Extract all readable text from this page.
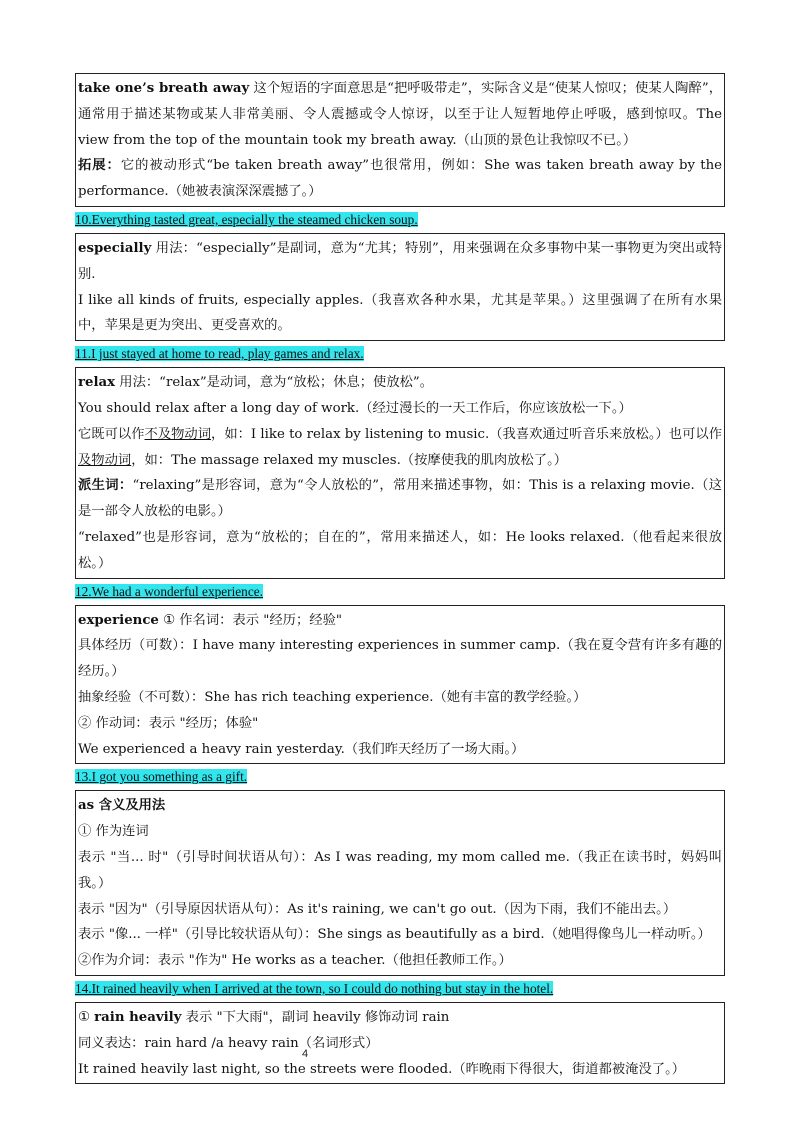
take one’s breath away 这个短语的字面意思是“把呼吸带走”，实际含义是“使某人惊叹；使某人陶醉”，通常用于描述某物或某人非常美丽、令人震撼或令人惊讶，以至于让人短暂地停止呼吸，感到惊叹。The view from the top of the mountain took my breath away.（山顶的景色让我惊叹不已。）

拓展：它的被动形式“be taken breath away”也很常用，例如：She was taken breath away by the performance.（她被表演深深震撼了。）

10.Everything tasted great, especially the steamed chicken soup.

especially 用法：“especially”是副词，意为“尤其；特别”，用来强调在众多事物中某一事物更为突出或特别.

I like all kinds of fruits, especially apples.（我喜欢各种水果，尤其是苹果。）这里强调了在所有水果中，苹果是更为突出、更受喜欢的。

11.I just stayed at home to read, play games and relax.

relax 用法：“relax”是动词，意为“放松；休息；使放松”。

You should relax after a long day of work.（经过漫长的一天工作后，你应该放松一下。）

它既可以作不及物动词，如：I like to relax by listening to music.（我喜欢通过听音乐来放松。）也可以作及物动词，如：The massage relaxed my muscles.（按摩使我的肌肉放松了。）

派生词：“relaxing”是形容词，意为“令人放松的”，常用来描述事物，如：This is a relaxing movie.（这是一部令人放松的电影。）

“relaxed”也是形容词，意为“放松的；自在的”，常用来描述人，如：He looks relaxed.（他看起来很放松。）

12.We had a wonderful experience.

experience ① 作名词：表示 "经历；经验"

具体经历（可数）：I have many interesting experiences in summer camp.（我在夏令营有许多有趣的经历。）

抽象经验（不可数）：She has rich teaching experience.（她有丰富的教学经验。）

② 作动词：表示 "经历；体验"

We experienced a heavy rain yesterday.（我们昨天经历了一场大雨。）

13.I got you something as a gift.

as 含义及用法

① 作为连词

表示 "当... 时"（引导时间状语从句）：As I was reading, my mom called me.（我正在读书时，妈妈叫我。）

表示 "因为"（引导原因状语从句）：As it's raining, we can't go out.（因为下雨，我们不能出去。）

表示 "像... 一样"（引导比较状语从句）：She sings as beautifully as a bird.（她唱得像鸟儿一样动听。）

②作为介词：表示 "作为" He works as a teacher.（他担任教师工作。）

14.It rained heavily when I arrived at the town, so I could do nothing but stay in the hotel.

① rain heavily 表示 "下大雨"，副词 heavily 修饰动词 rain

同义表达：rain hard /a heavy rain（名词形式）

It rained heavily last night, so the streets were flooded.（昨晚雨下得很大，街道都被淹没了。）

4
